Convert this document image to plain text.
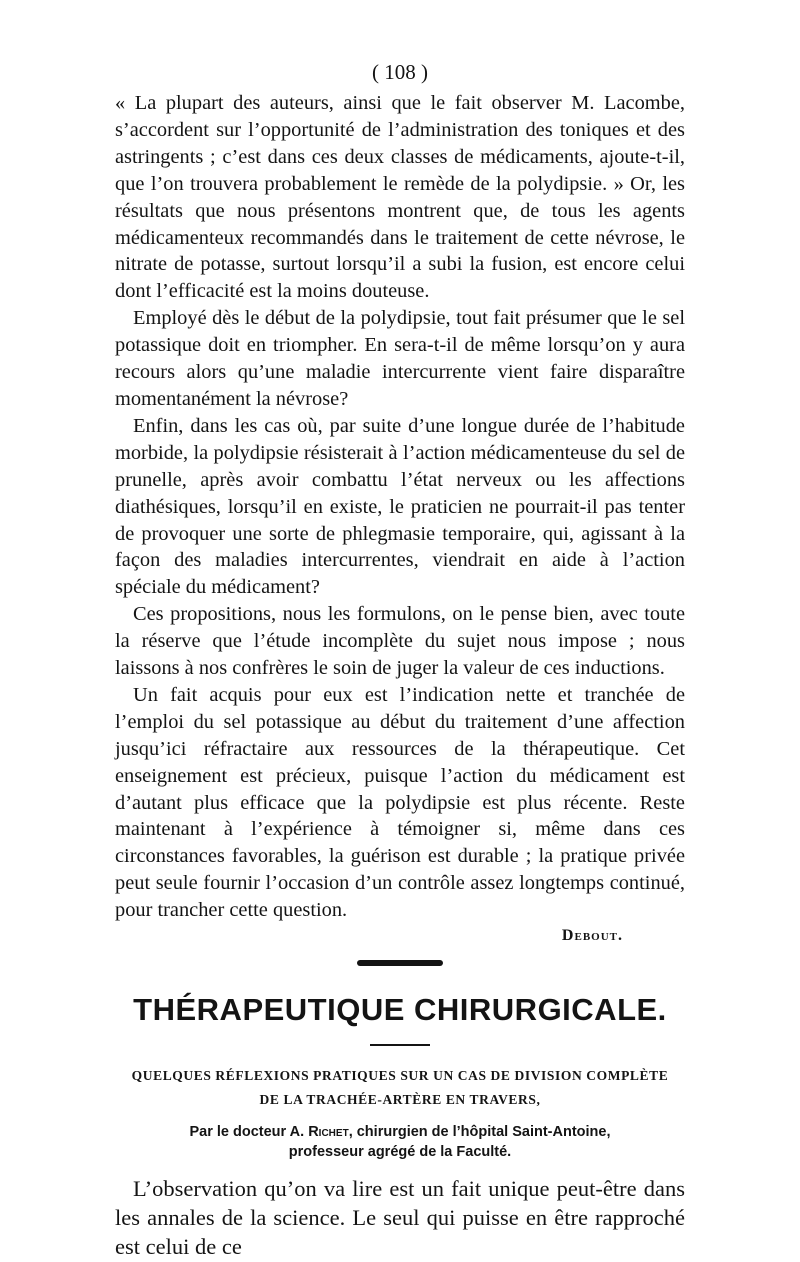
( 108 )

« La plupart des auteurs, ainsi que le fait observer M. Lacombe, s’accordent sur l’opportunité de l’administration des toniques et des astringents ; c’est dans ces deux classes de médicaments, ajoute-t-il, que l’on trouvera probablement le remède de la polydipsie. » Or, les résultats que nous présentons montrent que, de tous les agents médicamenteux recommandés dans le traitement de cette névrose, le nitrate de potasse, surtout lorsqu’il a subi la fusion, est encore celui dont l’efficacité est la moins douteuse.

Employé dès le début de la polydipsie, tout fait présumer que le sel potassique doit en triompher. En sera-t-il de même lorsqu’on y aura recours alors qu’une maladie intercurrente vient faire disparaître momentanément la névrose?

Enfin, dans les cas où, par suite d’une longue durée de l’habitude morbide, la polydipsie résisterait à l’action médicamenteuse du sel de prunelle, après avoir combattu l’état nerveux ou les affections diathésiques, lorsqu’il en existe, le praticien ne pourrait-il pas tenter de provoquer une sorte de phlegmasie temporaire, qui, agissant à la façon des maladies intercurrentes, viendrait en aide à l’action spéciale du médicament?

Ces propositions, nous les formulons, on le pense bien, avec toute la réserve que l’étude incomplète du sujet nous impose ; nous laissons à nos confrères le soin de juger la valeur de ces inductions.

Un fait acquis pour eux est l’indication nette et tranchée de l’emploi du sel potassique au début du traitement d’une affection jusqu’ici réfractaire aux ressources de la thérapeutique. Cet enseignement est précieux, puisque l’action du médicament est d’autant plus efficace que la polydipsie est plus récente. Reste maintenant à l’expérience à témoigner si, même dans ces circonstances favorables, la guérison est durable ; la pratique privée peut seule fournir l’occasion d’un contrôle assez longtemps continué, pour trancher cette question.

Debout.
THÉRAPEUTIQUE CHIRURGICALE.

QUELQUES RÉFLEXIONS PRATIQUES SUR UN CAS DE DIVISION COMPLÈTE

DE LA TRACHÉE-ARTÈRE EN TRAVERS,

Par le docteur A. Richet, chirurgien de l’hôpital Saint-Antoine,
professeur agrégé de la Faculté.

L’observation qu’on va lire est un fait unique peut-être dans les annales de la science. Le seul qui puisse en être rapproché est celui de ce
